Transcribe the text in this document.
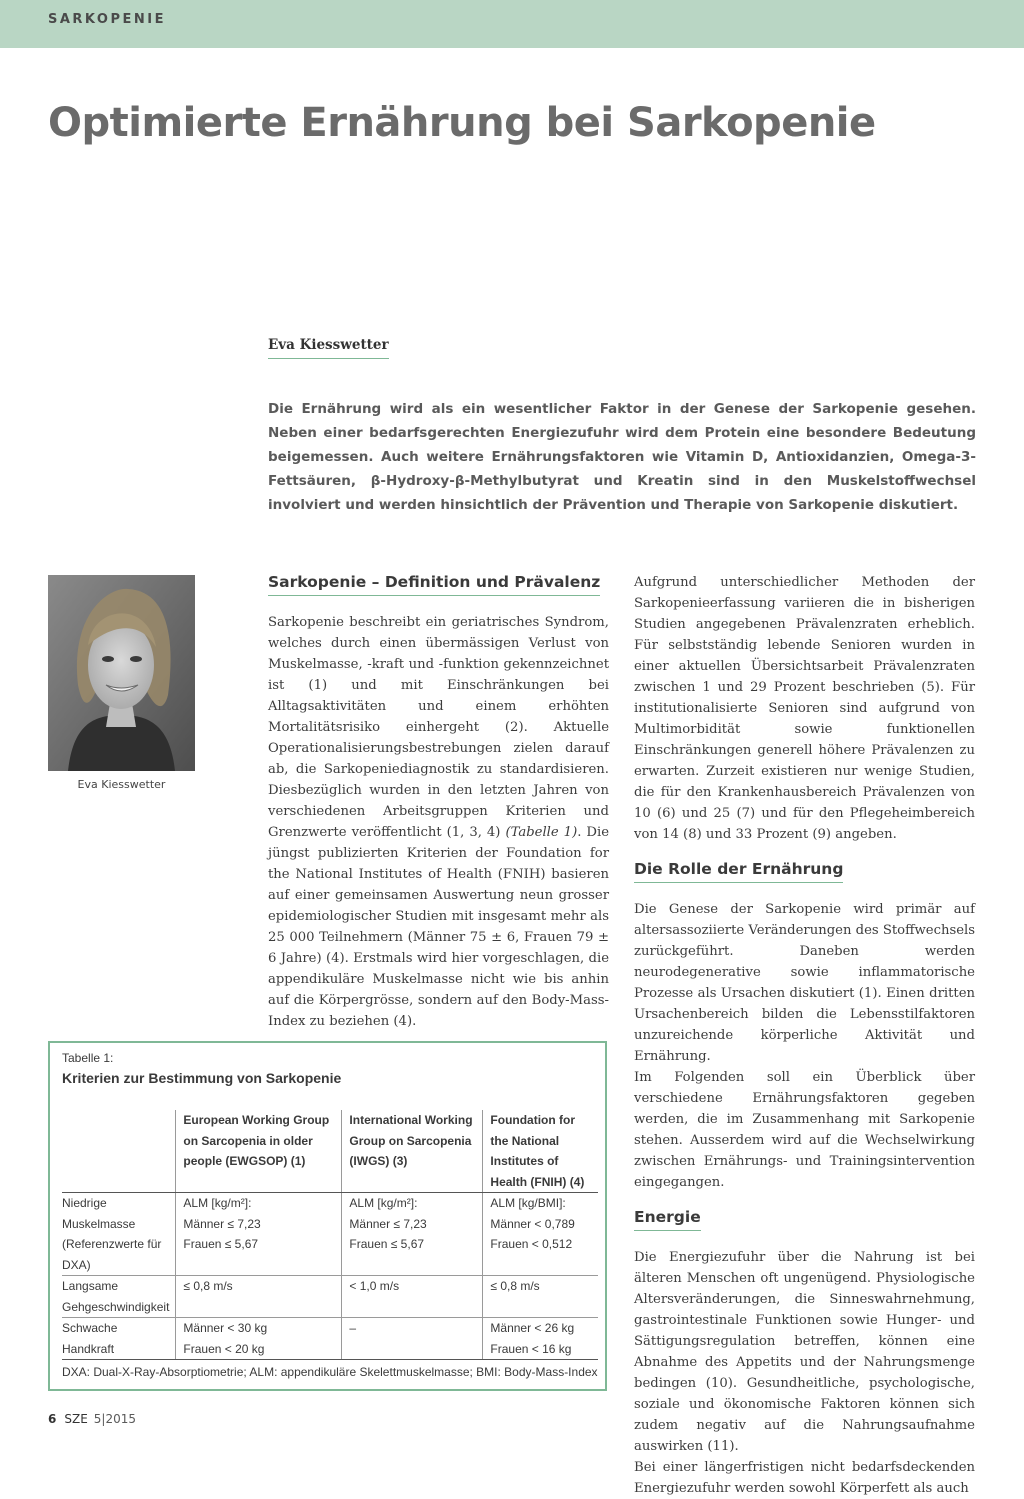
SARKOPENIE
Optimierte Ernährung bei Sarkopenie
Eva Kiesswetter
Die Ernährung wird als ein wesentlicher Faktor in der Genese der Sarkopenie gesehen. Neben einer bedarfsgerechten Energiezufuhr wird dem Protein eine besondere Bedeutung beigemessen. Auch weitere Ernährungsfaktoren wie Vitamin D, Antioxidanzien, Omega-3-Fettsäuren, β-Hydroxy-β-Methylbutyrat und Kreatin sind in den Muskelstoffwechsel involviert und werden hinsichtlich der Prävention und Therapie von Sarkopenie diskutiert.
Eva Kiesswetter
Sarkopenie – Definition und Prävalenz

Sarkopenie beschreibt ein geriatrisches Syndrom, welches durch einen übermässigen Verlust von Muskelmasse, -kraft und -funktion gekennzeichnet ist (1) und mit Einschränkungen bei Alltagsaktivitäten und einem erhöhten Mortalitätsrisiko einhergeht (2). Aktuelle Operationalisierungsbestrebungen zielen darauf ab, die Sarkopeniediagnostik zu standardisieren. Diesbezüglich wurden in den letzten Jahren von verschiedenen Arbeitsgruppen Kriterien und Grenzwerte veröffentlicht (1, 3, 4) (Tabelle 1). Die jüngst publizierten Kriterien der Foundation for the National Institutes of Health (FNIH) basieren auf einer gemeinsamen Auswertung neun grosser epidemiologischer Studien mit insgesamt mehr als 25 000 Teilnehmern (Männer 75 ± 6, Frauen 79 ± 6 Jahre) (4). Erstmals wird hier vorgeschlagen, die appendikuläre Muskelmasse nicht wie bis anhin auf die Körpergrösse, sondern auf den Body-Mass-Index zu beziehen (4).

Aufgrund unterschiedlicher Methoden der Sarkopenieerfassung variieren die in bisherigen Studien angegebenen Prävalenzraten erheblich. Für selbstständig lebende Senioren wurden in einer aktuellen Übersichtsarbeit Prävalenzraten zwischen 1 und 29 Prozent beschrieben (5). Für institutionalisierte Senioren sind aufgrund von Multimorbidität sowie funktionellen Einschränkungen generell höhere Prävalenzen zu erwarten. Zurzeit existieren nur wenige Studien, die für den Krankenhausbereich Prävalenzen von 10 (6) und 25 (7) und für den Pflegeheimbereich von 14 (8) und 33 Prozent (9) angeben.

Die Rolle der Ernährung

Die Genese der Sarkopenie wird primär auf altersassoziierte Veränderungen des Stoffwechsels zurückgeführt. Daneben werden neurodegenerative sowie inflammatorische Prozesse als Ursachen diskutiert (1). Einen dritten Ursachenbereich bilden die Lebensstilfaktoren unzureichende körperliche Aktivität und Ernährung.

Im Folgenden soll ein Überblick über verschiedene Ernährungsfaktoren gegeben werden, die im Zusammenhang mit Sarkopenie stehen. Ausserdem wird auf die Wechselwirkung zwischen Ernährungs- und Trainingsintervention eingegangen.

Energie

Die Energiezufuhr über die Nahrung ist bei älteren Menschen oft ungenügend. Physiologische Altersveränderungen, die Sinneswahrnehmung, gastrointestinale Funktionen sowie Hunger- und Sättigungsregulation betreffen, können eine Abnahme des Appetits und der Nahrungsmenge bedingen (10). Gesundheitliche, psychologische, soziale und ökonomische Faktoren können sich zudem negativ auf die Nahrungsaufnahme auswirken (11).

Bei einer längerfristigen nicht bedarfsdeckenden Energiezufuhr werden sowohl Körperfett als auch

Tabelle 1:
Kriterien zur Bestimmung von Sarkopenie
	European Working Group on Sarcopenia in older people (EWGSOP) (1)	International Working Group on Sarcopenia (IWGS) (3)	Foundation for the National Institutes of Health (FNIH) (4)
Niedrige Muskelmasse (Referenzwerte für DXA)	ALM [kg/m²]:
Männer ≤ 7,23
Frauen ≤ 5,67	ALM [kg/m²]:
Männer ≤ 7,23
Frauen ≤ 5,67	ALM [kg/BMI]:
Männer < 0,789
Frauen < 0,512
Langsame Gehgeschwindigkeit	≤ 0,8 m/s	< 1,0 m/s	≤ 0,8 m/s
Schwache Handkraft	Männer < 30 kg
Frauen < 20 kg	–	Männer < 26 kg
Frauen < 16 kg
DXA: Dual-X-Ray-Absorptiometrie; ALM: appendikuläre Skelettmuskelmasse; BMI: Body-Mass-Index
6 SZE 5|2015
